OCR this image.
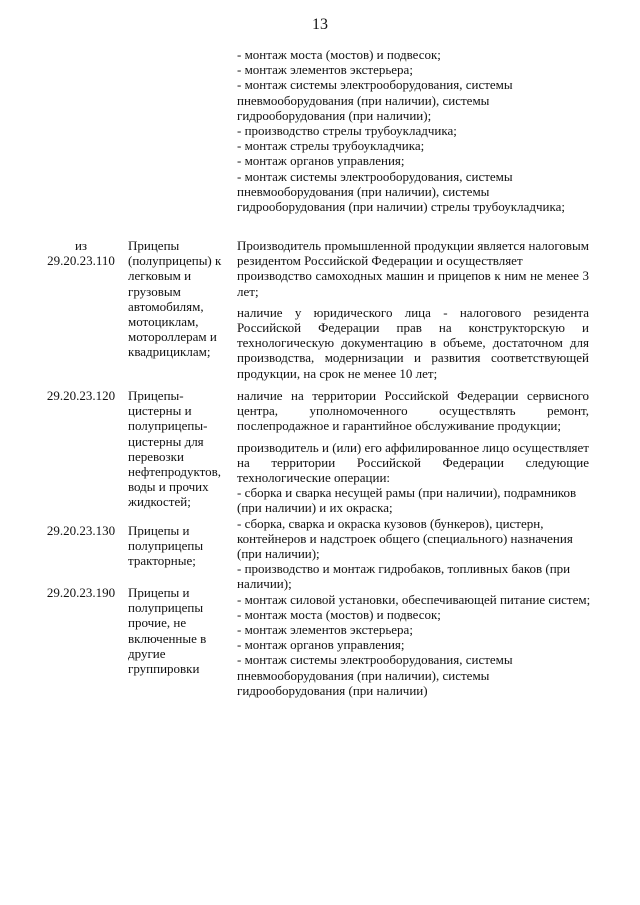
13
- монтаж моста (мостов) и подвесок;
- монтаж элементов экстерьера;
- монтаж системы электрооборудования, системы
пневмооборудования (при наличии), системы
гидрооборудования (при наличии);
- производство стрелы трубоукладчика;
- монтаж стрелы трубоукладчика;
- монтаж органов управления;
- монтаж системы электрооборудования, системы
пневмооборудования (при наличии), системы
гидрооборудования (при наличии) стрелы трубоукладчика;
из
29.20.23.110
Прицепы
(полуприцепы) к
легковым и
грузовым
автомобилям,
мотоциклам,
мотороллерам и
квадрициклам;
Производитель промышленной продукции является налоговым
резидентом Российской Федерации и осуществляет
производство самоходных машин и прицепов к ним не менее 3
лет;
наличие у юридического лица - налогового резидента
Российской Федерации прав на конструкторскую и
технологическую документацию в объеме, достаточном для
производства, модернизации и развития соответствующей
продукции, на срок не менее 10 лет;
29.20.23.120 Прицепы-
цистерны и
полуприцепы-
цистерны для
перевозки
нефтепродуктов,
воды и прочих
жидкостей;
наличие на территории Российской Федерации сервисного
центра, уполномоченного осуществлять ремонт,
послепродажное и гарантийное обслуживание продукции;
производитель и (или) его аффилированное лицо осуществляет
на территории Российской Федерации следующие
технологические операции:
- сборка и сварка несущей рамы (при наличии), подрамников
(при наличии) и их окраска;
- сборка, сварка и окраска кузовов (бункеров), цистерн,
контейнеров и надстроек общего (специального) назначения
(при наличии);
- производство и монтаж гидробаков, топливных баков (при
наличии);
- монтаж силовой установки, обеспечивающей питание систем;
- монтаж моста (мостов) и подвесок;
- монтаж элементов экстерьера;
- монтаж органов управления;
- монтаж системы электрооборудования, системы
пневмооборудования (при наличии), системы
гидрооборудования (при наличии)
29.20.23.130 Прицепы и
полуприцепы
тракторные;
29.20.23.190 Прицепы и
полуприцепы
прочие, не
включенные в
другие
группировки
